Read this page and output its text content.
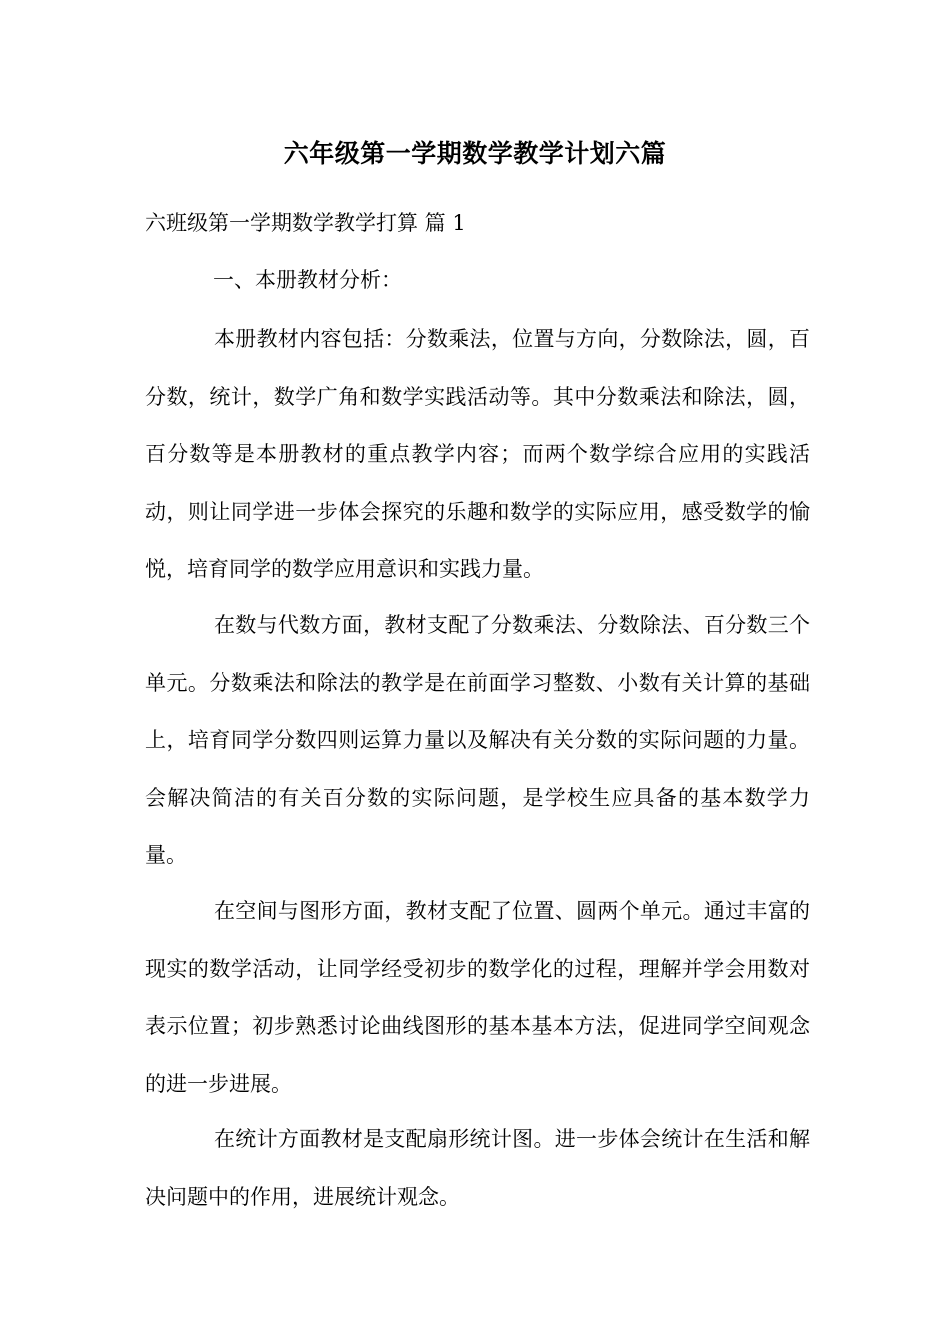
六年级第一学期数学教学计划六篇
六班级第一学期数学教学打算 篇 1
一、本册教材分析：
本册教材内容包括：分数乘法，位置与方向，分数除法，圆，百分数，统计，数学广角和数学实践活动等。其中分数乘法和除法，圆，百分数等是本册教材的重点教学内容；而两个数学综合应用的实践活动，则让同学进一步体会探究的乐趣和数学的实际应用，感受数学的愉悦，培育同学的数学应用意识和实践力量。
在数与代数方面，教材支配了分数乘法、分数除法、百分数三个单元。分数乘法和除法的教学是在前面学习整数、小数有关计算的基础上，培育同学分数四则运算力量以及解决有关分数的实际问题的力量。会解决简洁的有关百分数的实际问题，是学校生应具备的基本数学力量。
在空间与图形方面，教材支配了位置、圆两个单元。通过丰富的现实的数学活动，让同学经受初步的数学化的过程，理解并学会用数对表示位置；初步熟悉讨论曲线图形的基本基本方法，促进同学空间观念的进一步进展。
在统计方面教材是支配扇形统计图。进一步体会统计在生活和解决问题中的作用，进展统计观念。
